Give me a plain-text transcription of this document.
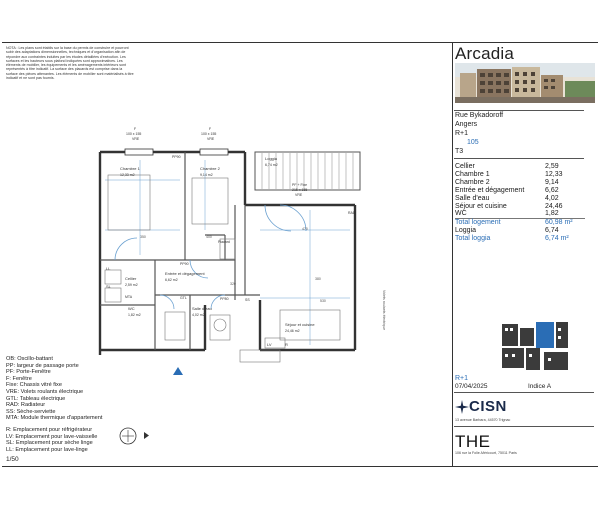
NOTA : Les plans sont établis sur la base du permis de construire et pourront subir des adaptations dimensionnelles, techniques et d'organisation afin de répondre aux contraintes induites par les études détaillées d'exécution. Les surfaces et les hauteurs sous plafond indiquées sont approximatives. Les éléments de mobilier, les équipements et les aménagements intérieurs sont représentés à titre indicatif. La surface des placards est comprise dans la surface des pièces attenantes. Les éléments de mobilier sont matérialisés à titre indicatif et ne sont pas fournis.
Chambre 1
12,33 m2
Chambre 2
9,14 m2
Loggia
6,74 m2
Séjour et cuisine
24,46 m2
Entrée et dégagement
6,62 m2
Cellier
2,59 m2
WC
1,82 m2
Salle d'eau
4,02 m2
F
100 x 155
VRE
F
100 x 155
VRE
PF + Fixe
215 x 155
VRE
Placard
LL
SL
LV	R
MTA	GTL
PP90
PP90
PP80
RAD
SS
350	400
470
380
320
530	Volets roulants électrique
OB: Oscillo-battant
PP: largeur de passage porte
PF: Porte-Fenêtre
F: Fenêtre
Fixe: Chassis vitré fixe
VRE: Volets roulants électrique
GTL: Tableau électrique
RAD: Radiateur
SS: Sèche-serviette
MTA: Module thermique d'appartement
R: Emplacement pour réfrigérateur
LV: Emplacement pour lave-vaisselle
SL: Emplacement pour sèche linge
LL: Emplacement pour lave-linge
1/50
Arcadia
Rue Bykadoroff
Angers
R+1
105
T3
Cellier	2,59
Chambre 1	12,33
Chambre 2	9,14
Entrée et dégagement	6,62
Salle d'eau	4,02
Séjour et cuisine	24,46
WC	1,82
Total logement	60,98 m²
Loggia	6,74
Total loggia	6,74 m²
R+1
07/04/2025	Indice A
CISN
13 avenue Barbara, 44570 Trignac
THE
106 rue la Folie-Méricourt, 75011 Paris
